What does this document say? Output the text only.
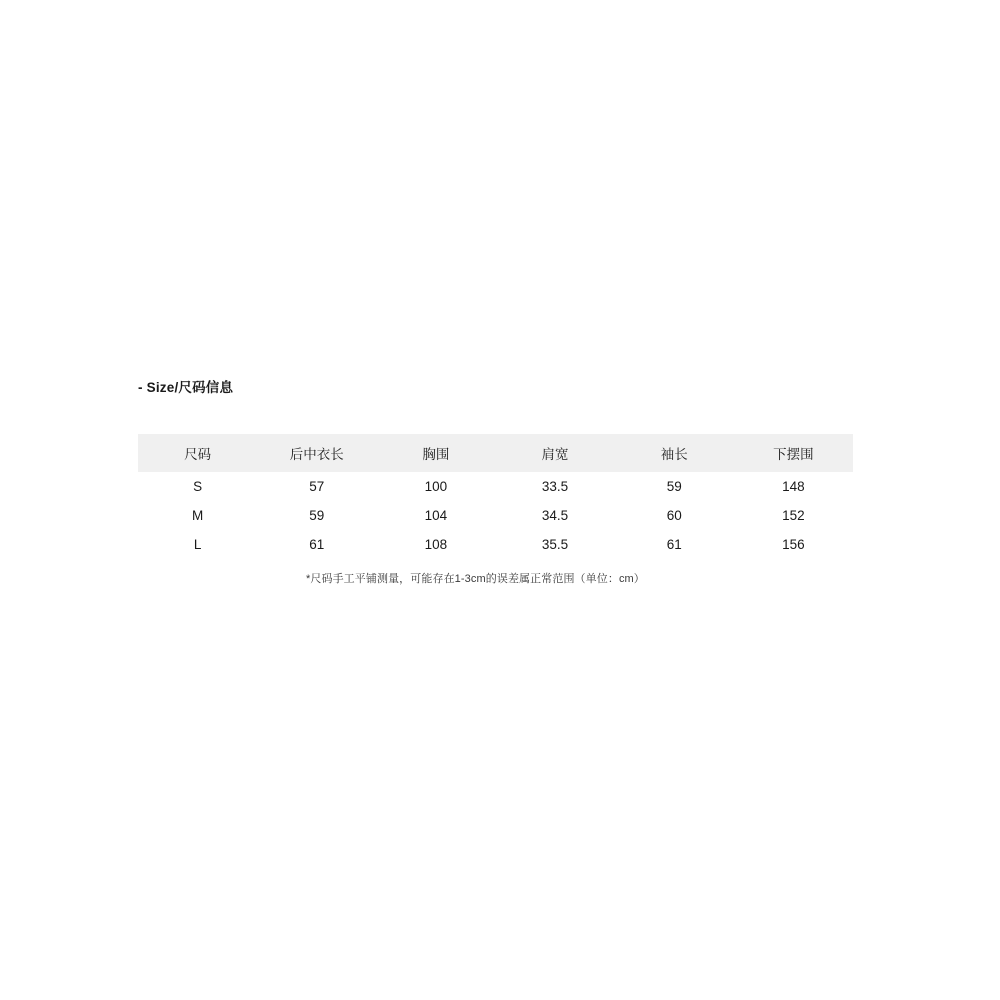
- Size/尺码信息
尺码	后中衣长	胸围	肩宽	袖长	下摆围
S	57	100	33.5	59	148
M	59	104	34.5	60	152
L	61	108	35.5	61	156
*尺码手工平铺测量，可能存在1-3cm的误差属正常范围（单位：cm）
